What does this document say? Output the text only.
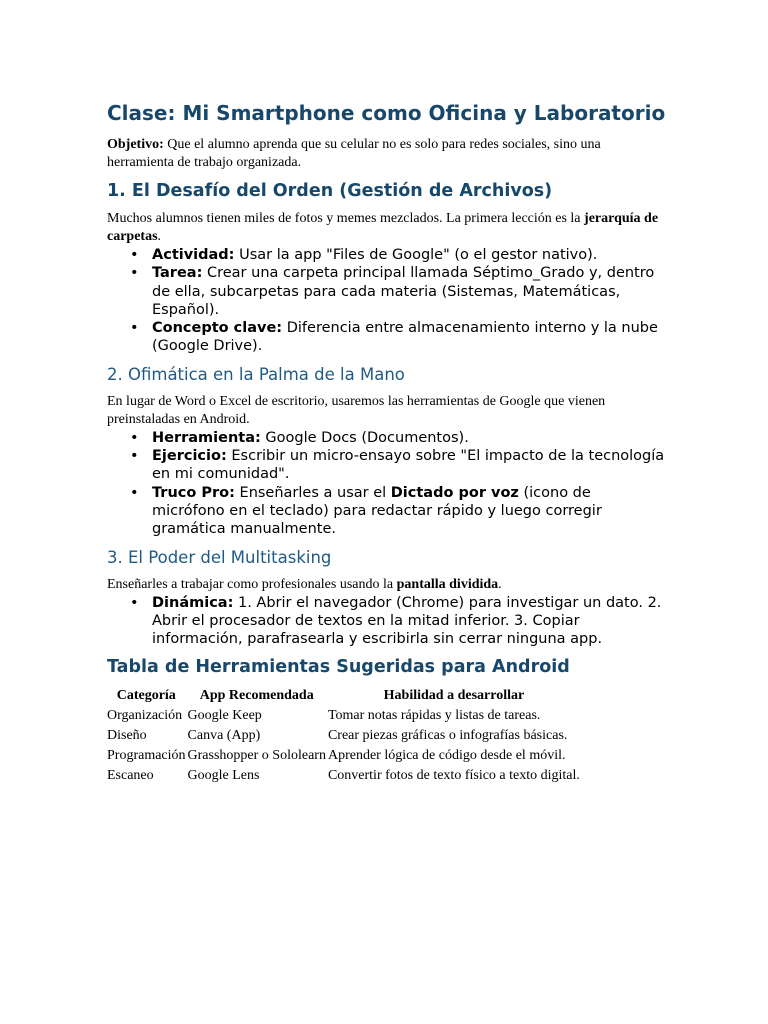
Clase: Mi Smartphone como Oficina y Laboratorio

Objetivo: Que el alumno aprenda que su celular no es solo para redes sociales, sino una herramienta de trabajo organizada.

1. El Desafío del Orden (Gestión de Archivos)

Muchos alumnos tienen miles de fotos y memes mezclados. La primera lección es la jerarquía de carpetas.

• Actividad: Usar la app "Files de Google" (o el gestor nativo).
• Tarea: Crear una carpeta principal llamada Séptimo_Grado y, dentro de ella, subcarpetas para cada materia (Sistemas, Matemáticas, Español).
• Concepto clave: Diferencia entre almacenamiento interno y la nube (Google Drive).
2. Ofimática en la Palma de la Mano

En lugar de Word o Excel de escritorio, usaremos las herramientas de Google que vienen preinstaladas en Android.

• Herramienta: Google Docs (Documentos).
• Ejercicio: Escribir un micro-ensayo sobre "El impacto de la tecnología en mi comunidad".
• Truco Pro: Enseñarles a usar el Dictado por voz (icono de micrófono en el teclado) para redactar rápido y luego corregir gramática manualmente.
3. El Poder del Multitasking

Enseñarles a trabajar como profesionales usando la pantalla dividida.

• Dinámica: 1. Abrir el navegador (Chrome) para investigar un dato. 2. Abrir el procesador de textos en la mitad inferior. 3. Copiar información, parafrasearla y escribirla sin cerrar ninguna app.
Tabla de Herramientas Sugeridas para Android
Categoría	App Recomendada	Habilidad a desarrollar
Organización	Google Keep	Tomar notas rápidas y listas de tareas.
Diseño	Canva (App)	Crear piezas gráficas o infografías básicas.
Programación	Grasshopper o Sololearn	Aprender lógica de código desde el móvil.
Escaneo	Google Lens	Convertir fotos de texto físico a texto digital.
